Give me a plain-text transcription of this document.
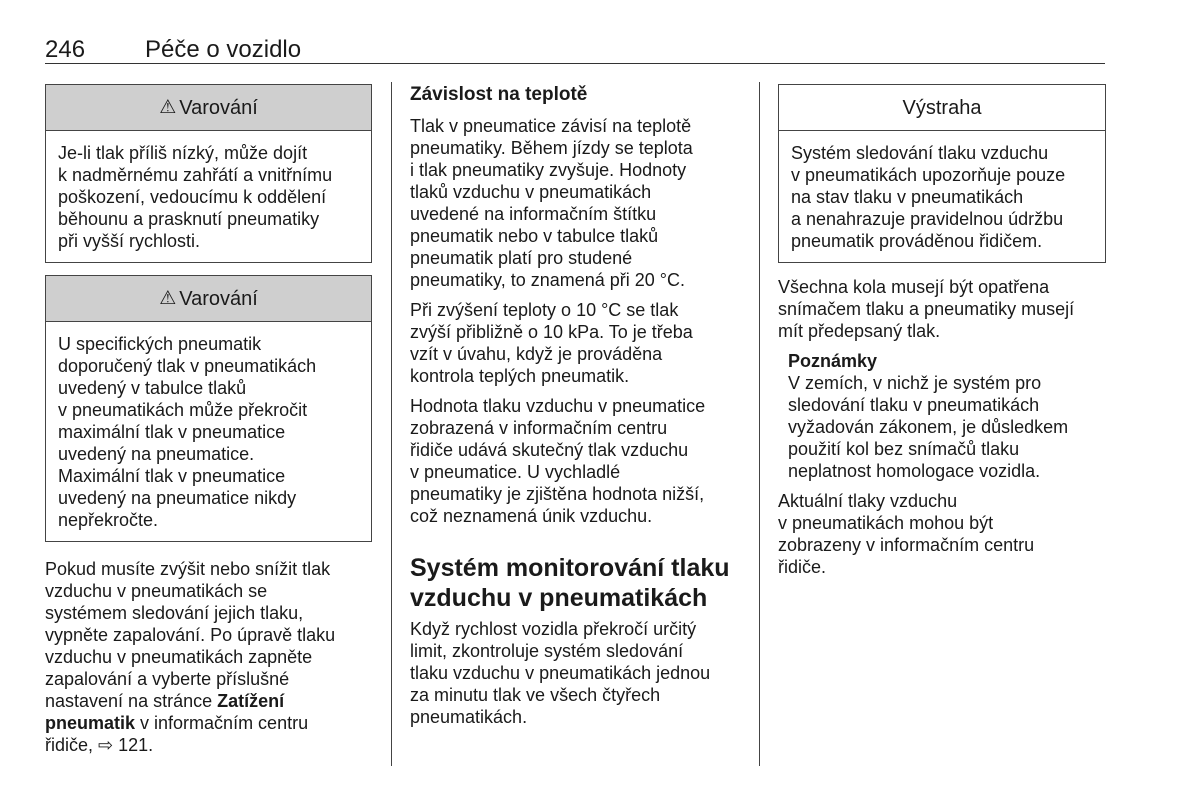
246 Péče o vozidlo
⚠ Varování
Je-li tlak příliš nízký, může dojít
k nadměrnému zahřátí a vnitřnímu
poškození, vedoucímu k oddělení
běhounu a prasknutí pneumatiky
při vyšší rychlosti.
⚠ Varování
U specifických pneumatik
doporučený tlak v pneumatikách
uvedený v tabulce tlaků
v pneumatikách může překročit
maximální tlak v pneumatice
uvedený na pneumatice.
Maximální tlak v pneumatice
uvedený na pneumatice nikdy
nepřekročte.

Pokud musíte zvýšit nebo snížit tlak
vzduchu v pneumatikách se
systémem sledování jejich tlaku,
vypněte zapalování. Po úpravě tlaku
vzduchu v pneumatikách zapněte
zapalování a vyberte příslušné
nastavení na stránce Zatížení
pneumatik v informačním centru
řidiče, ⇨ 121.

Závislost na teplotě

Tlak v pneumatice závisí na teplotě
pneumatiky. Během jízdy se teplota
i tlak pneumatiky zvyšuje. Hodnoty
tlaků vzduchu v pneumatikách
uvedené na informačním štítku
pneumatik nebo v tabulce tlaků
pneumatik platí pro studené
pneumatiky, to znamená při 20 °C.

Při zvýšení teploty o 10 °C se tlak
zvýší přibližně o 10 kPa. To je třeba
vzít v úvahu, když je prováděna
kontrola teplých pneumatik.

Hodnota tlaku vzduchu v pneumatice
zobrazená v informačním centru
řidiče udává skutečný tlak vzduchu
v pneumatice. U vychladlé
pneumatiky je zjištěna hodnota nižší,
což neznamená únik vzduchu.

Systém monitorování tlaku
vzduchu v pneumatikách

Když rychlost vozidla překročí určitý
limit, zkontroluje systém sledování
tlaku vzduchu v pneumatikách jednou
za minutu tlak ve všech čtyřech
pneumatikách.

Výstraha
Systém sledování tlaku vzduchu
v pneumatikách upozorňuje pouze
na stav tlaku v pneumatikách
a nenahrazuje pravidelnou údržbu
pneumatik prováděnou řidičem.

Všechna kola musejí být opatřena
snímačem tlaku a pneumatiky musejí
mít předepsaný tlak.

Poznámky

V zemích, v nichž je systém pro
sledování tlaku v pneumatikách
vyžadován zákonem, je důsledkem
použití kol bez snímačů tlaku
neplatnost homologace vozidla.

Aktuální tlaky vzduchu
v pneumatikách mohou být
zobrazeny v informačním centru
řidiče.
